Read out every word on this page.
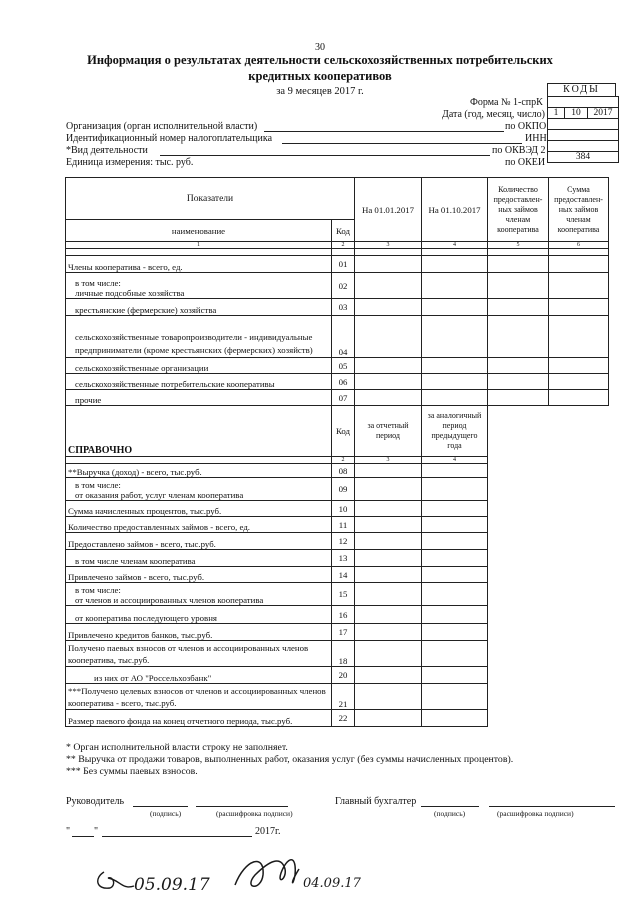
30
Информация о результатах деятельности сельскохозяйственных потребительских
кредитных кооперативов
за 9 месяцев 2017 г.	КОДЫ

1	10	2017

384
Форма № 1-спрК
Дата (год, месяц, число)
Организация (орган исполнительной власти)	по ОКПО
Идентификационный номер налогоплательщика	ИНН
*Вид деятельности	по ОКВЭД 2
Единица измерения: тыс. руб.	по ОКЕИ
Показатели		На 01.01.2017	На 01.10.2017	Количество предоставлен-ных займов членам кооператива	Сумма предоставлен-ных займов членам кооператива
наименование	Код				
1	2	3	4	5	6

Члены кооператива - всего, ед.	01				

в том числе:
личные подсобные хозяйства	02				
крестьянские (фермерские) хозяйства	03				
сельскохозяйственные товаропроизводители - индивидуальные предприниматели (кроме крестьянских (фермерских) хозяйств)	04				
сельскохозяйственные организации	05				
сельскохозяйственные потребительские кооперативы	06				
прочие	07				
СПРАВОЧНО	Код	за отчетный период	за аналогичный период предыдущего года		
	2	3	4		
**Выручка (доход) - всего, тыс.руб.	08				

в том числе:
от оказания работ, услуг членам кооператива	09				
Сумма начисленных процентов, тыс.руб.	10				
Количество предоставленных займов - всего, ед.	11				
Предоставлено займов - всего, тыс.руб.	12				
в том числе членам кооператива	13				
Привлечено займов - всего, тыс.руб.	14				

в том числе:
от членов и ассоциированных членов кооператива	15				
от кооператива последующего уровня	16				
Привлечено кредитов банков, тыс.руб.	17				
Получено паевых взносов от членов и ассоциированных членов кооператива, тыс.руб.	18				
из них от АО "Россельхозбанк"	20				
***Получено целевых взносов от членов и ассоциированных членов кооператива - всего, тыс.руб.	21				
Размер паевого фонда на конец отчетного периода, тыс.руб.	22				
* Орган исполнительной власти строку не заполняет.
** Выручка от продажи товаров, выполненных работ, оказания услуг (без суммы начисленных процентов).
*** Без суммы паевых взносов.
Руководитель
(подпись)	(расшифровка подписи)
Главный бухгалтер
(подпись)	(расшифровка подписи)
" "	2017г.
05.09.17	04.09.17
